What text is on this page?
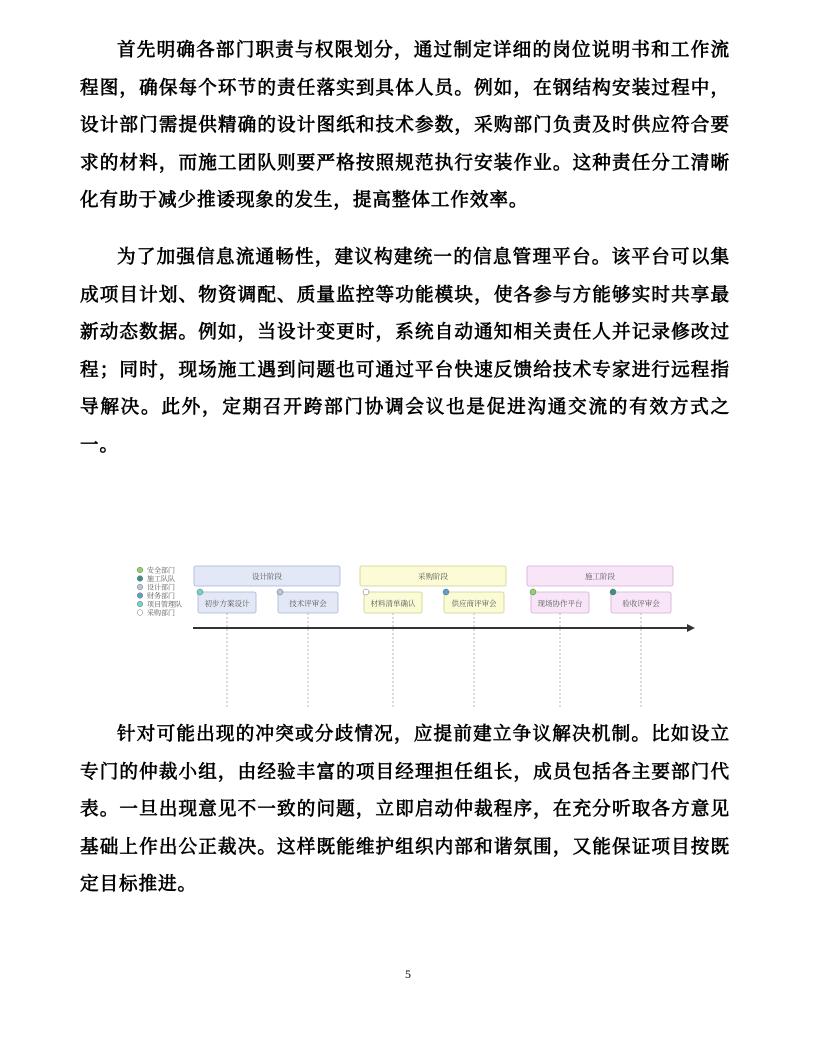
首先明确各部门职责与权限划分，通过制定详细的岗位说明书和工作流程图，确保每个环节的责任落实到具体人员。例如，在钢结构安装过程中，设计部门需提供精确的设计图纸和技术参数，采购部门负责及时供应符合要求的材料，而施工团队则要严格按照规范执行安装作业。这种责任分工清晰化有助于减少推诿现象的发生，提高整体工作效率。

为了加强信息流通畅性，建议构建统一的信息管理平台。该平台可以集成项目计划、物资调配、质量监控等功能模块，使各参与方能够实时共享最新动态数据。例如，当设计变更时，系统自动通知相关责任人并记录修改过程；同时，现场施工遇到问题也可通过平台快速反馈给技术专家进行远程指导解决。此外，定期召开跨部门协调会议也是促进沟通交流的有效方式之一。

安全部门
施工队队
设计部门
财务部门
项目管理队
采购部门
设计阶段
初步方案设计	技术评审会
采购阶段
材料清单确认	供应商评审会
施工阶段
现场协作平台	验收评审会

针对可能出现的冲突或分歧情况，应提前建立争议解决机制。比如设立专门的仲裁小组，由经验丰富的项目经理担任组长，成员包括各主要部门代表。一旦出现意见不一致的问题，立即启动仲裁程序，在充分听取各方意见基础上作出公正裁决。这样既能维护组织内部和谐氛围，又能保证项目按既定目标推进。

5
